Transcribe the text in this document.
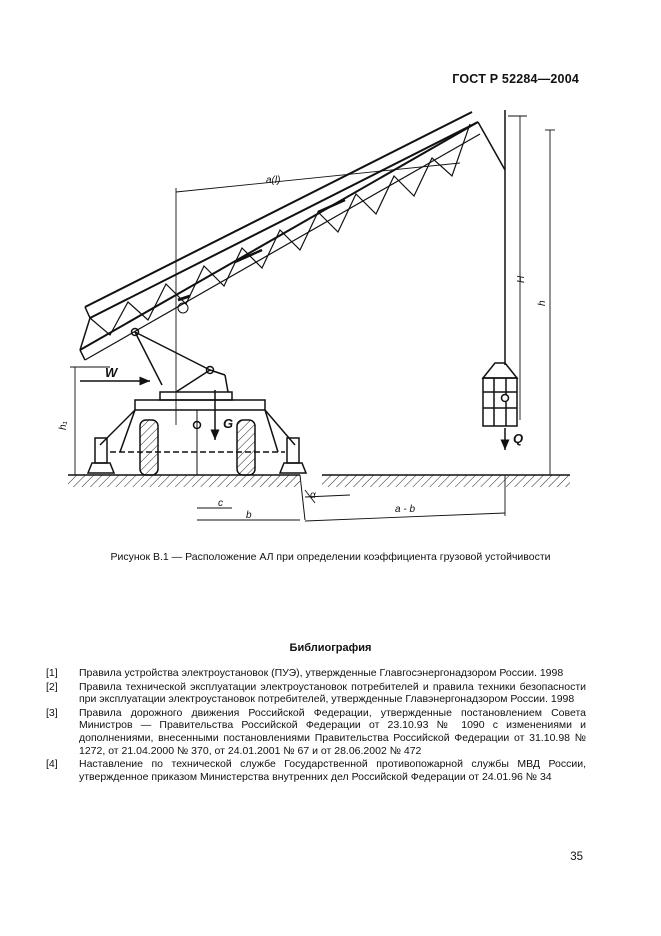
ГОСТ Р 52284—2004
W
G
Q
h₁
H
h
a(l)
c
b
α
a - b
Рисунок В.1 — Расположение АЛ при определении коэффициента грузовой устойчивости
Библиография
[1]	Правила устройства электроустановок (ПУЭ), утвержденные Главгосэнергонадзором России. 1998
[2]	Правила технической эксплуатации электроустановок потребителей и правила техники безопасности при эксплуатации электроустановок потребителей, утвержденные Главэнергонадзором России. 1998
[3]	Правила дорожного движения Российской Федерации, утвержденные постановлением Совета Министров — Правительства Российской Федерации от 23.10.93 № 1090 с изменениями и дополнениями, внесенными постановлениями Правительства Российской Федерации от 31.10.98 № 1272, от 21.04.2000 № 370, от 24.01.2001 № 67 и от 28.06.2002 № 472
[4]	Наставление по технической службе Государственной противопожарной службы МВД России, утвержденное приказом Министерства внутренних дел Российской Федерации от 24.01.96 № 34
35
